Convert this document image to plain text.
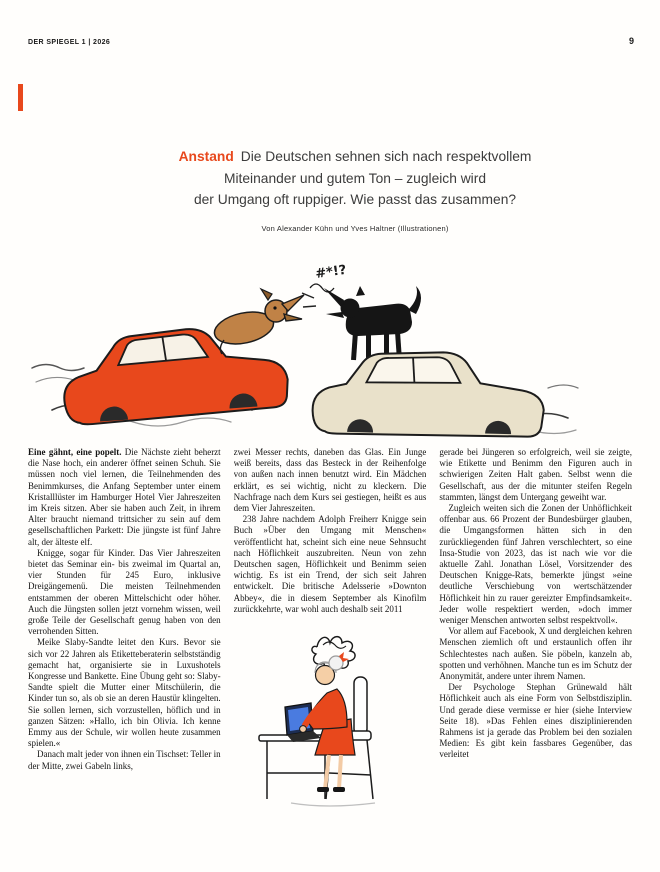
DER SPIEGEL 1 | 2026	9
Anstand Die Deutschen sehnen sich nach respektvollem
Miteinander und gutem Ton – zugleich wird
der Umgang oft ruppiger. Wie passt das zusammen?
Von Alexander Kühn und Yves Haltner (Illustrationen)
#*!?

Eine gähnt, eine popelt. Die Nächste zieht beherzt die Nase hoch, ein anderer öffnet seinen Schuh. Sie müssen noch viel lernen, die Teilnehmenden des Benimmkurses, die Anfang September unter einem Kristalllüster im Hamburger Hotel Vier Jahreszeiten im Kreis sitzen. Aber sie haben auch Zeit, in ihrem Alter braucht niemand trittsicher zu sein auf dem gesellschaftlichen Parkett: Die jüngste ist fünf Jahre alt, der älteste elf.

Knigge, sogar für Kinder. Das Vier Jahreszeiten bietet das Seminar ein- bis zweimal im Quartal an, vier Stunden für 245 Euro, inklusive Dreigängemenü. Die meisten Teilnehmenden entstammen der oberen Mittelschicht oder höher. Auch die Jüngsten sollen jetzt vornehm wissen, weil große Teile der Gesellschaft genug haben von den verrohenden Sitten.

Meike Slaby-Sandte leitet den Kurs. Bevor sie sich vor 22 Jahren als Etiketteberaterin selbstständig gemacht hat, organisierte sie in Luxushotels Kongresse und Bankette. Eine Übung geht so: Slaby-Sandte spielt die Mutter einer Mitschülerin, die Kinder tun so, als ob sie an deren Haustür klingelten. Sie sollen lernen, sich vorzustellen, höflich und in ganzen Sätzen: »Hallo, ich bin Olivia. Ich kenne Emmy aus der Schule, wir wollen heute zusammen spielen.«

Danach malt jeder von ihnen ein Tischset: Teller in der Mitte, zwei Gabeln links,

zwei Messer rechts, daneben das Glas. Ein Junge weiß bereits, dass das Besteck in der Reihenfolge von außen nach innen benutzt wird. Ein Mädchen erklärt, es sei wichtig, nicht zu kleckern. Die Nachfrage nach dem Kurs sei gestiegen, heißt es aus dem Vier Jahreszeiten.

238 Jahre nachdem Adolph Freiherr Knigge sein Buch »Über den Umgang mit Menschen« veröffentlicht hat, scheint sich eine neue Sehnsucht nach Höflichkeit auszubreiten. Neun von zehn Deutschen sagen, Höflichkeit und Benimm seien wichtig. Es ist ein Trend, der sich seit Jahren entwickelt. Die britische Adelsserie »Downton Abbey«, die in diesem September als Kinofilm zurückkehrte, war wohl auch deshalb seit 2011

gerade bei Jüngeren so erfolgreich, weil sie zeigte, wie Etikette und Benimm den Figuren auch in schwierigen Zeiten Halt gaben. Selbst wenn die Gesellschaft, aus der die mitunter steifen Regeln stammten, längst dem Untergang geweiht war.

Zugleich weiten sich die Zonen der Unhöflichkeit offenbar aus. 66 Prozent der Bundesbürger glauben, die Umgangsformen hätten sich in den zurückliegenden fünf Jahren verschlechtert, so eine Insa-Studie von 2023, das ist nach wie vor die aktuelle Zahl. Jonathan Lösel, Vorsitzender des Deutschen Knigge-Rats, bemerkte jüngst »eine deutliche Verschiebung von wertschätzender Höflichkeit hin zu rauer gereizter Empfindsamkeit«. Jeder wolle respektiert werden, »doch immer weniger Menschen antworten selbst respektvoll«.

Vor allem auf Facebook, X und dergleichen kehren Menschen ziemlich oft und erstaunlich offen ihr Schlechtestes nach außen. Sie pöbeln, kanzeln ab, spotten und verhöhnen. Manche tun es im Schutz der Anonymität, andere unter ihrem Namen.

Der Psychologe Stephan Grünewald hält Höflichkeit auch als eine Form von Selbstdisziplin. Und gerade diese vermisse er hier (siehe Interview Seite 18). »Das Fehlen eines disziplinierenden Rahmens ist ja gerade das Problem bei den sozialen Medien: Es gibt kein fassbares Gegenüber, das verleitet
